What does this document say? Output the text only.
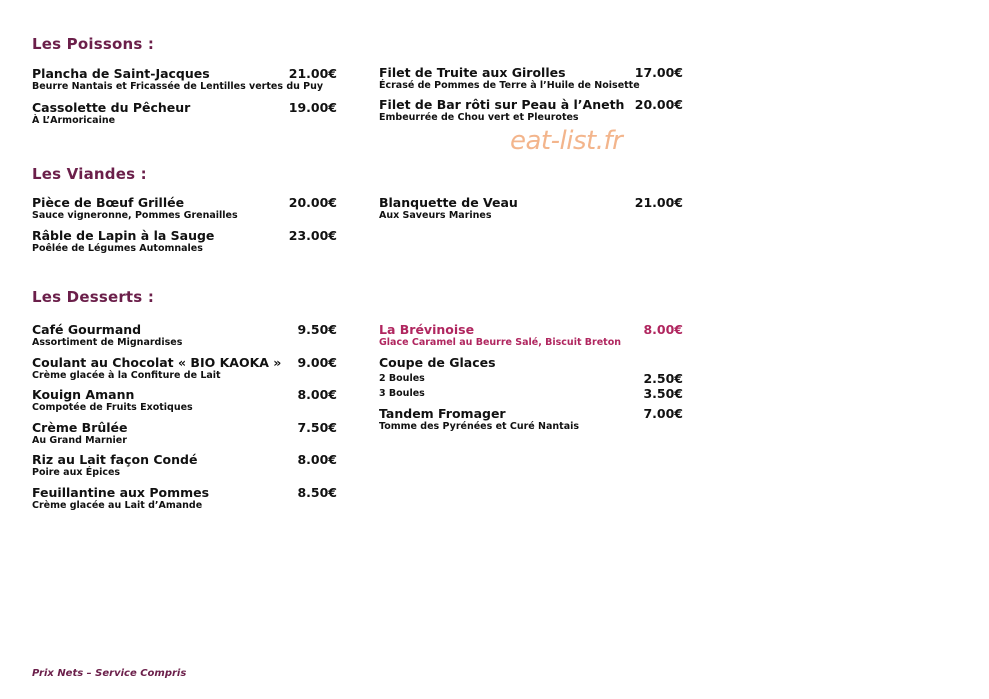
Les Poissons :
Plancha de Saint-Jacques	21.00€
Beurre Nantais et Fricassée de Lentilles vertes du Puy
Cassolette du Pêcheur	19.00€
À L’Armoricaine
Filet de Truite aux Girolles	17.00€
Écrasé de Pommes de Terre à l’Huile de Noisette
Filet de Bar rôti sur Peau à l’Aneth 20.00€
Embeurrée de Chou vert et Pleurotes
eat-list.fr
Les Viandes :
Pièce de Bœuf Grillée	20.00€
Sauce vigneronne, Pommes Grenailles
Râble de Lapin à la Sauge	23.00€
Poêlée de Légumes Automnales
Blanquette de Veau	21.00€
Aux Saveurs Marines
Les Desserts :
Café Gourmand	9.50€
Assortiment de Mignardises
Coulant au Chocolat « BIO KAOKA »	9.00€
Crème glacée à la Confiture de Lait
Kouign Amann	8.00€
Compotée de Fruits Exotiques
Crème Brûlée	7.50€
Au Grand Marnier
Riz au Lait façon Condé	8.00€
Poire aux Épices
Feuillantine aux Pommes	8.50€
Crème glacée au Lait d’Amande
La Brévinoise	8.00€
Glace Caramel au Beurre Salé, Biscuit Breton
Coupe de Glaces
2 Boules	2.50€
3 Boules	3.50€
Tandem Fromager	7.00€
Tomme des Pyrénées et Curé Nantais
Prix Nets – Service Compris
